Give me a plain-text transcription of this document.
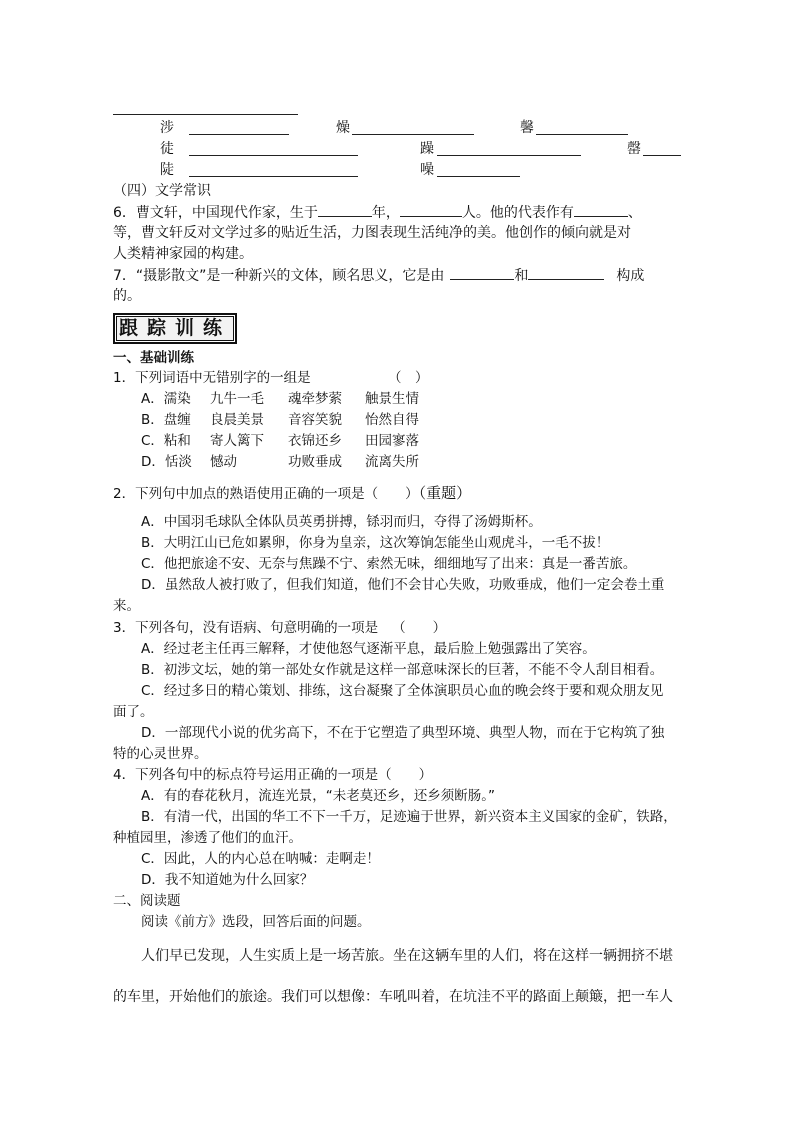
涉	燥	馨
徒	躁	罄
陡	噪
（四）文学常识
6．曹文轩，中国现代作家，生于	年，	人。他的代表作有	、
等，曹文轩反对文学过多的贴近生活，力图表现生活纯净的美。他创作的倾向就是对
人类精神家园的构建。
7．“摄影散文”是一种新兴的文体，顾名思义，它是由	和	构成
的。
跟踪训练
一、基础训练
1．下列词语中无错别字的一组是	（　）
A．濡染 九牛一毛 魂牵梦萦 触景生情
B．盘缠 良晨美景 音容笑貌 怡然自得
C．粘和 寄人篱下 衣锦还乡 田园寥落
D．恬淡 憾动	功败垂成 流离失所
2．下列句中加点的熟语使用正确的一项是（　　）（重题）
A．中国羽毛球队全体队员英勇拼搏，铩羽而归，夺得了汤姆斯杯。
B．大明江山已危如累卵，你身为皇亲，这次筹饷怎能坐山观虎斗，一毛不拔！
C．他把旅途不安、无奈与焦躁不宁、索然无味，细细地写了出来：真是一番苦旅。
D．虽然敌人被打败了，但我们知道，他们不会甘心失败，功败垂成，他们一定会卷土重
来。
3．下列各句，没有语病、句意明确的一项是 （　　）
A．经过老主任再三解释，才使他怒气逐渐平息，最后脸上勉强露出了笑容。
B．初涉文坛，她的第一部处女作就是这样一部意味深长的巨著，不能不令人刮目相看。
C．经过多日的精心策划、排练，这台凝聚了全体演职员心血的晚会终于要和观众朋友见
面了。
D．一部现代小说的优劣高下，不在于它塑造了典型环境、典型人物，而在于它构筑了独
特的心灵世界。
4．下列各句中的标点符号运用正确的一项是（　　）
A．有的春花秋月，流连光景，“未老莫还乡，还乡须断肠。”
B．有清一代，出国的华工不下一千万，足迹遍于世界，新兴资本主义国家的金矿，铁路，
种植园里，渗透了他们的血汗。
C．因此，人的内心总在呐喊：走啊走！
D．我不知道她为什么回家？
二、阅读题
阅读《前方》选段，回答后面的问题。
人们早已发现，人生实质上是一场苦旅。坐在这辆车里的人们，将在这样一辆拥挤不堪
的车里，开始他们的旅途。我们可以想像：车吼叫着，在坑洼不平的路面上颠簸，把一车人
